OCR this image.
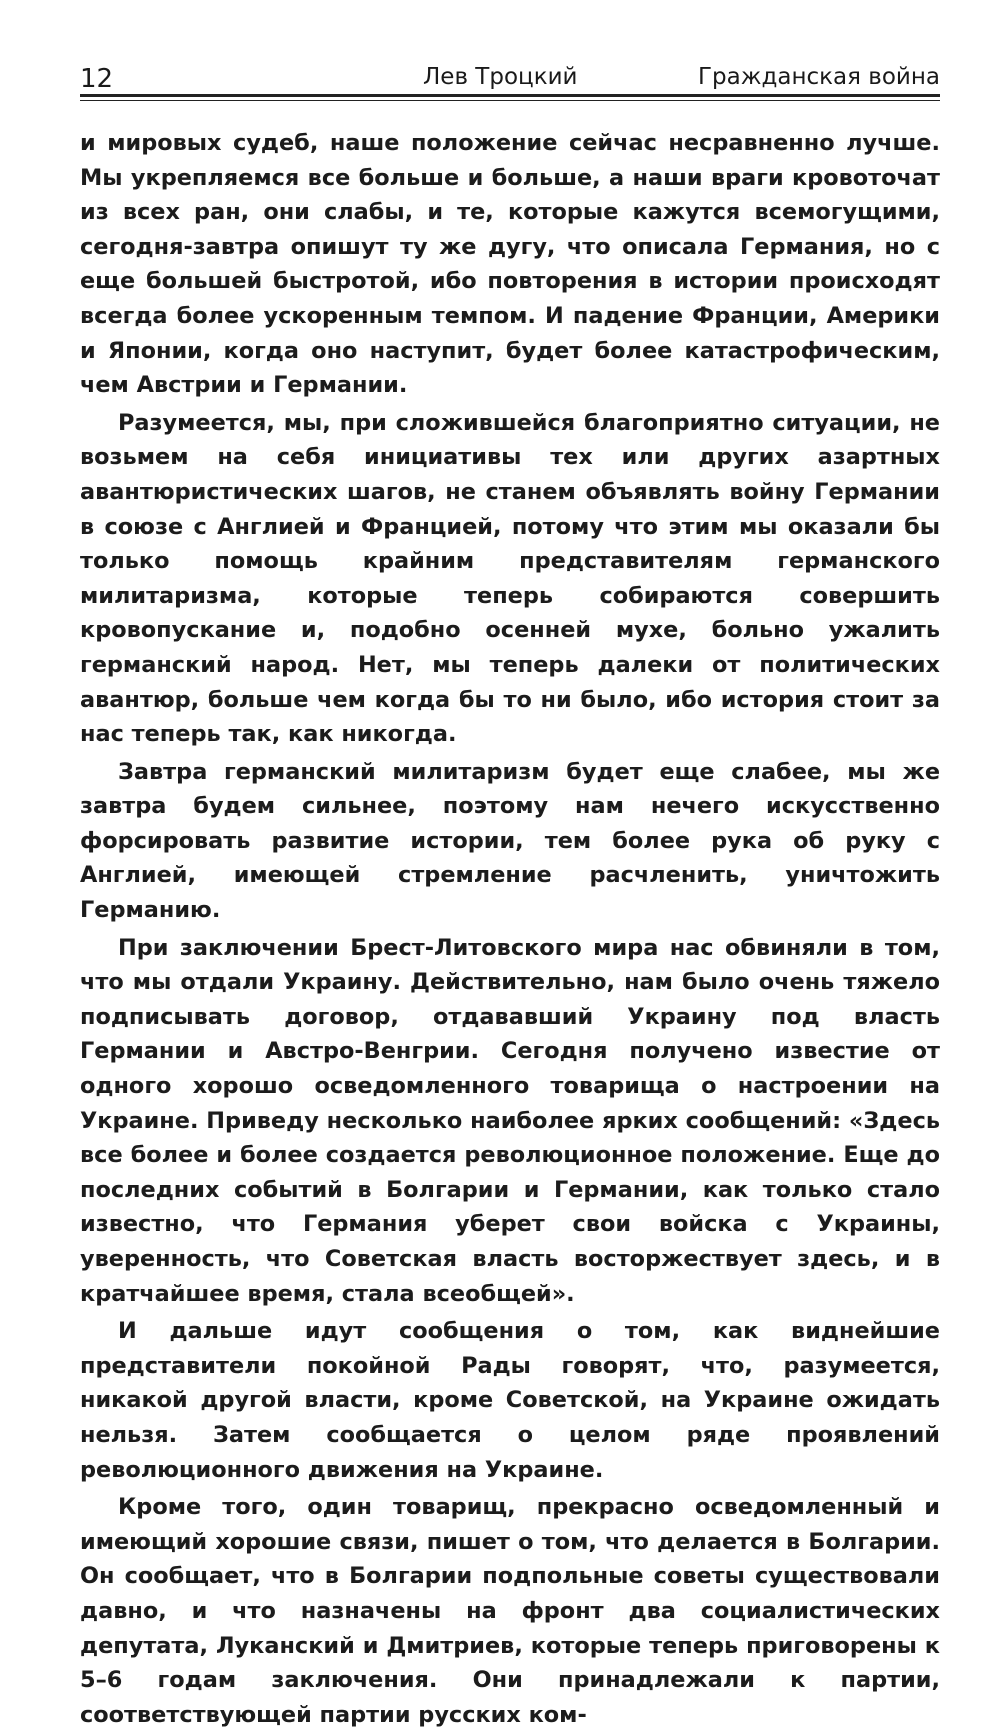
12	Лев Троцкий	Гражданская война

и мировых судеб, наше положение сейчас несравненно лучше. Мы укрепляемся все больше и больше, а наши враги кровоточат из всех ран, они слабы, и те, которые кажутся всемогущими, сегодня-завтра опишут ту же дугу, что описала Германия, но с еще большей быстротой, ибо повторения в истории происходят всегда более ускоренным темпом. И падение Франции, Америки и Японии, когда оно наступит, будет более катастрофическим, чем Австрии и Германии.

Разумеется, мы, при сложившейся благоприятно ситуации, не возьмем на себя инициативы тех или других азартных авантюристических шагов, не станем объявлять войну Германии в союзе с Англией и Францией, потому что этим мы оказали бы только помощь крайним представителям германского милитаризма, которые теперь собираются совершить кровопускание и, подобно осенней мухе, больно ужалить германский народ. Нет, мы теперь далеки от политических авантюр, больше чем когда бы то ни было, ибо история стоит за нас теперь так, как никогда.

Завтра германский милитаризм будет еще слабее, мы же завтра будем сильнее, поэтому нам нечего искусственно форсировать развитие истории, тем более рука об руку с Англией, имеющей стремление расчленить, уничтожить Германию.

При заключении Брест-Литовского мира нас обвиняли в том, что мы отдали Украину. Действительно, нам было очень тяжело подписывать договор, отдававший Украину под власть Германии и Австро-Венгрии. Сегодня получено известие от одного хорошо осведомленного товарища о настроении на Украине. Приведу несколько наиболее ярких сообщений: «Здесь все более и более создается революционное положение. Еще до последних событий в Болгарии и Германии, как только стало известно, что Германия уберет свои войска с Украины, уверенность, что Советская власть восторжествует здесь, и в кратчайшее время, стала всеобщей».

И дальше идут сообщения о том, как виднейшие представители покойной Рады говорят, что, разумеется, никакой другой власти, кроме Советской, на Украине ожидать нельзя. Затем сообщается о целом ряде проявлений революционного движения на Украине.

Кроме того, один товарищ, прекрасно осведомленный и имеющий хорошие связи, пишет о том, что делается в Болгарии. Он сообщает, что в Болгарии подпольные советы существовали давно, и что назначены на фронт два социалистических депутата, Луканский и Дмитриев, которые теперь приговорены к 5–6 годам заключения. Они принадлежали к партии, соответствующей партии русских ком-
